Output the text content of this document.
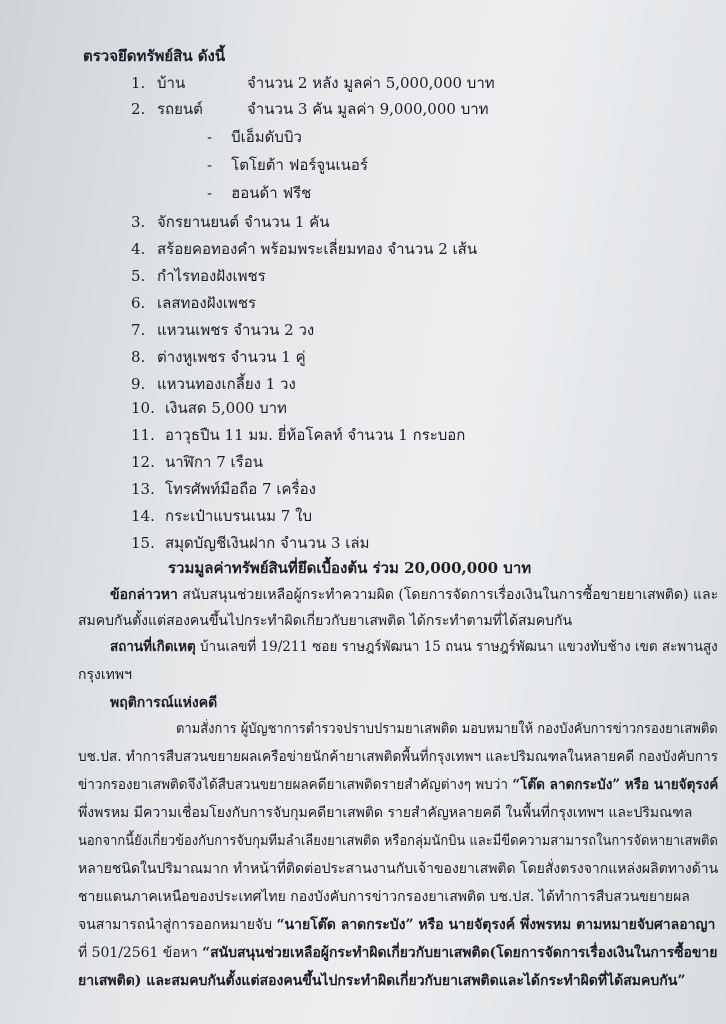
ตรวจยึดทรัพย์สิน ดังนี้
1. บ้าน	จำนวน 2 หลัง มูลค่า 5,000,000 บาท
2. รถยนต์	จำนวน 3 คัน มูลค่า 9,000,000 บาท
-    บีเอ็มดับบิว
-    โตโยต้า ฟอร์จูนเนอร์
-    ฮอนด้า ฟรีช
3. จักรยานยนต์ จำนวน 1 คัน
4. สร้อยคอทองคำ พร้อมพระเลี่ยมทอง จำนวน 2 เส้น
5. กำไรทองฝังเพชร
6. เลสทองฝังเพชร
7. แหวนเพชร จำนวน 2 วง
8. ต่างหูเพชร จำนวน 1 คู่
9. แหวนทองเกลี้ยง 1 วง
10. เงินสด 5,000 บาท
11. อาวุธปืน 11 มม. ยี่ห้อโคลท์ จำนวน 1 กระบอก
12. นาฬิกา 7 เรือน
13. โทรศัพท์มือถือ 7 เครื่อง
14. กระเป๋าแบรนเนม 7 ใบ
15. สมุดบัญชีเงินฝาก จำนวน 3 เล่ม
รวมมูลค่าทรัพย์สินที่ยึดเบื้องต้น ร่วม 20,000,000 บาท
ข้อกล่าวหา สนับสนุนช่วยเหลือผู้กระทำความผิด (โดยการจัดการเรื่องเงินในการซื้อขายยาเสพติด) และ
สมคบกันตั้งแต่สองคนขึ้นไปกระทำผิดเกี่ยวกับยาเสพติด ได้กระทำตามที่ได้สมคบกัน
สถานที่เกิดเหตุ บ้านเลขที่ 19/211 ซอย ราษฎร์พัฒนา 15 ถนน ราษฎร์พัฒนา แขวงทับช้าง เขต สะพานสูง
กรุงเทพฯ
พฤติการณ์แห่งคดี
ตามสั่งการ ผู้บัญชาการตำรวจปราบปรามยาเสพติด มอบหมายให้ กองบังคับการข่าวกรองยาเสพติด
บช.ปส. ทำการสืบสวนขยายผลเครือข่ายนักค้ายาเสพติดพื้นที่กรุงเทพฯ และปริมณฑลในหลายคดี กองบังคับการ
ข่าวกรองยาเสพติดจึงได้สืบสวนขยายผลคดียาเสพติดรายสำคัญต่างๆ พบว่า “โต๊ด ลาดกระบัง” หรือ นายจัตุรงค์
พึ่งพรหม มีความเชื่อมโยงกับการจับกุมคดียาเสพติด รายสำคัญหลายคดี ในพื้นที่กรุงเทพฯ และปริมณฑล
นอกจากนี้ยังเกี่ยวข้องกับการจับกุมทีมลำเลียงยาเสพติด หรือกลุ่มนักบิน และมีขีดความสามารถในการจัดหายาเสพติด
หลายชนิดในปริมาณมาก ทำหน้าที่ติดต่อประสานงานกับเจ้าของยาเสพติด โดยสั่งตรงจากแหล่งผลิตทางด้าน
ชายแดนภาคเหนือของประเทศไทย กองบังคับการข่าวกรองยาเสพติด บช.ปส. ได้ทำการสืบสวนขยายผล
จนสามารถนำสู่การออกหมายจับ “นายโต๊ด ลาดกระบัง” หรือ นายจัตุรงค์ พึ่งพรหม ตามหมายจับศาลอาญา
ที่ 501/2561 ข้อหา “สนับสนุนช่วยเหลือผู้กระทำผิดเกี่ยวกับยาเสพติด(โดยการจัดการเรื่องเงินในการซื้อขาย
ยาเสพติด) และสมคบกันตั้งแต่สองคนขึ้นไปกระทำผิดเกี่ยวกับยาเสพติดและได้กระทำผิดที่ได้สมคบกัน”
